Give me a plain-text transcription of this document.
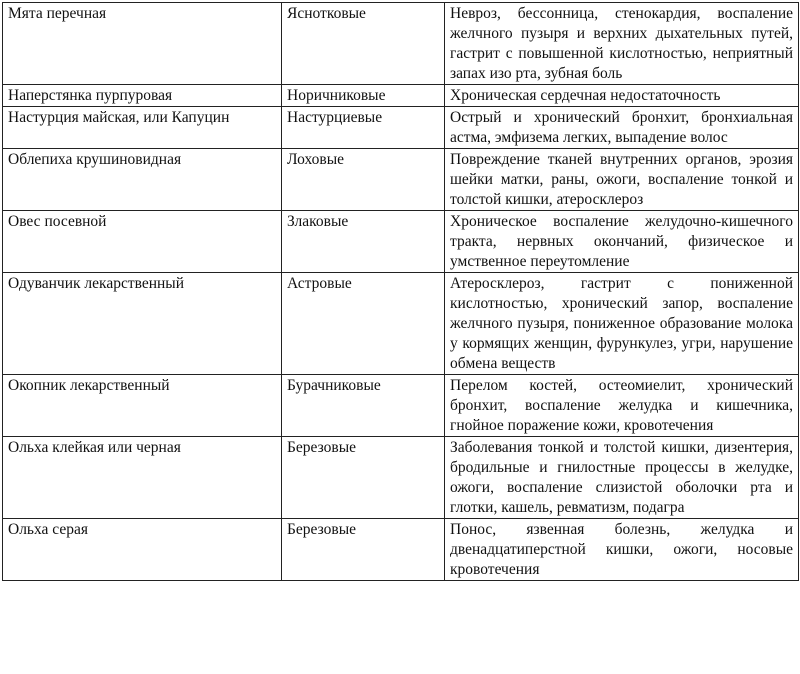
Мята перечная	Яснотковые	Невроз, бессонница, стенокардия, воспаление желчного пузыря и верхних дыхательных путей, гастрит с повышенной кислотностью, неприятный запах изо рта, зубная боль
Наперстянка пурпуровая	Норичниковые	Хроническая сердечная недостаточность
Настурция майская, или Капуцин	Настурциевые	Острый и хронический бронхит, бронхиальная астма, эмфизема легких, выпадение волос
Облепиха крушиновидная	Лоховые	Повреждение тканей внутренних органов, эрозия шейки матки, раны, ожоги, воспаление тонкой и толстой кишки, атеросклероз
Овес посевной	Злаковые	Хроническое воспаление желудочно-кишечного тракта, нервных окончаний, физическое и умственное переутомление
Одуванчик лекарственный	Астровые	Атеросклероз, гастрит с пониженной кислотностью, хронический запор, воспаление желчного пузыря, пониженное образование молока у кормящих женщин, фурункулез, угри, нарушение обмена веществ
Окопник лекарственный	Бурачниковые	Перелом костей, остеомиелит, хронический бронхит, воспаление желудка и кишечника, гнойное поражение кожи, кровотечения
Ольха клейкая или черная	Березовые	Заболевания тонкой и толстой кишки, дизентерия, бродильные и гнилостные процессы в желудке, ожоги, воспаление слизистой оболочки рта и глотки, кашель, ревматизм, подагра
Ольха серая	Березовые	Понос, язвенная болезнь, желудка и двенадцатиперстной кишки, ожоги, носовые кровотечения
